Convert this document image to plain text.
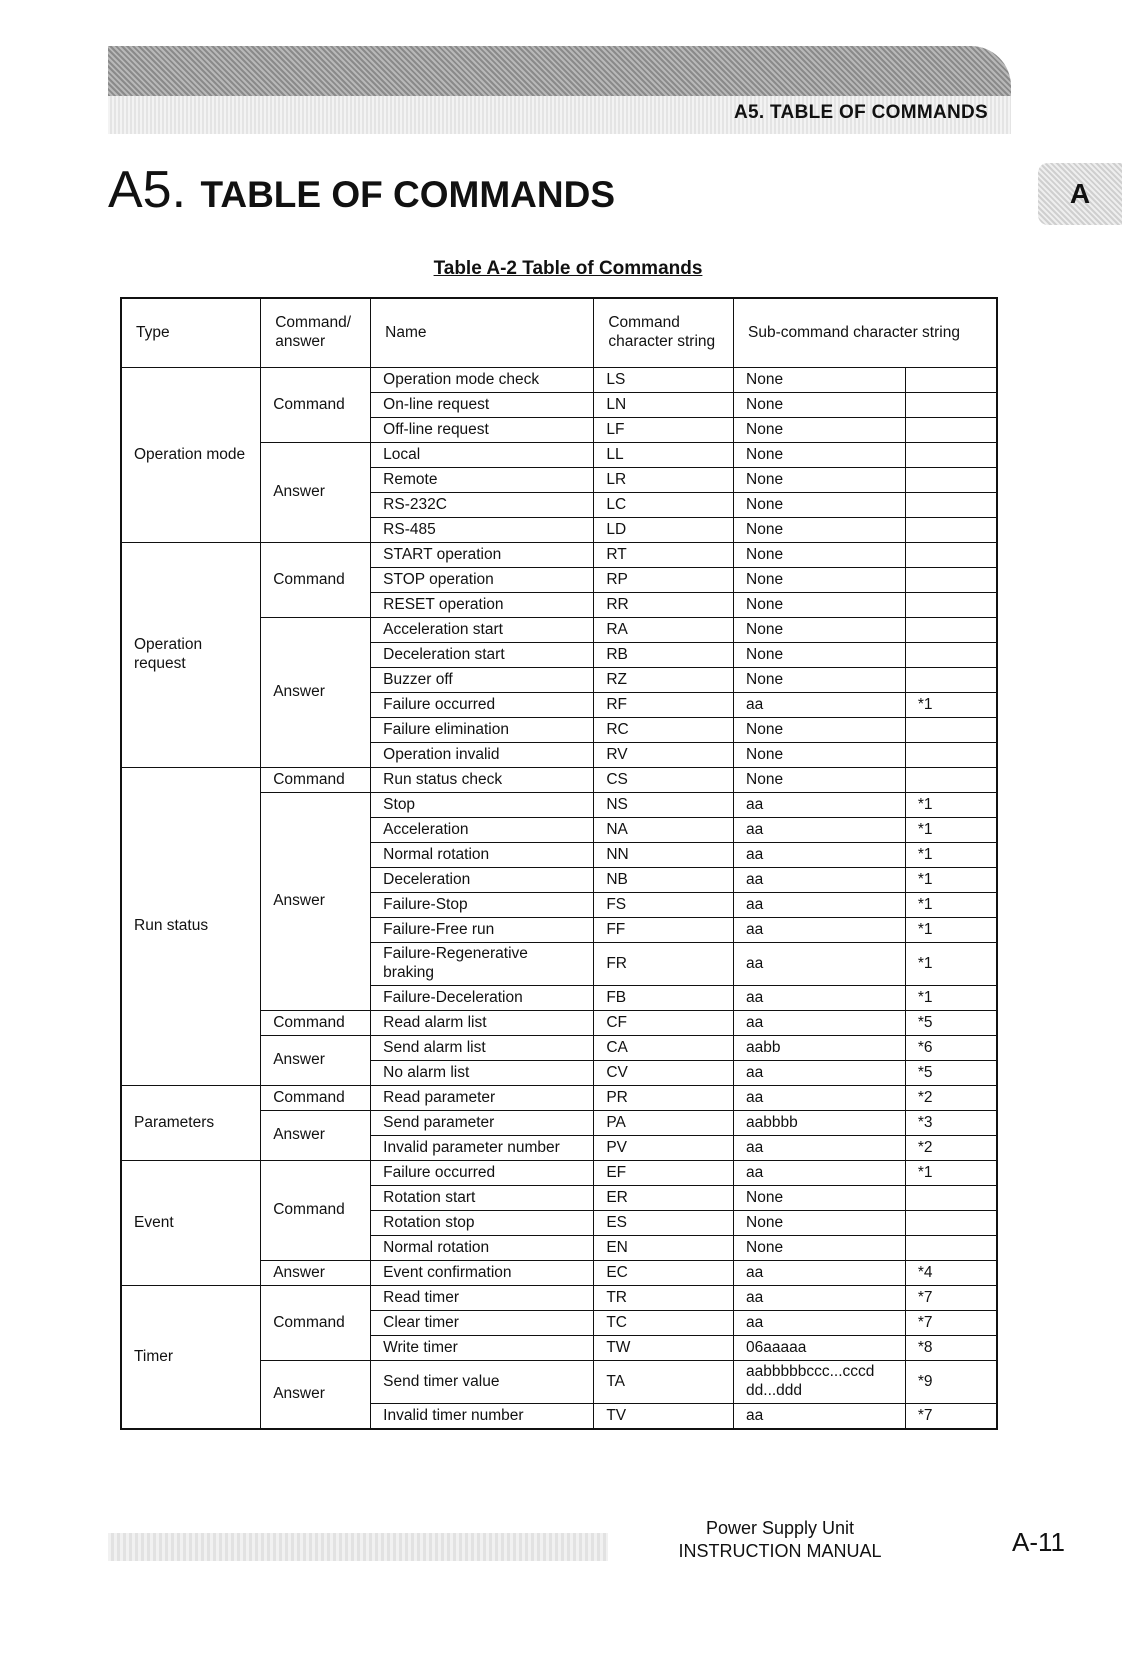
A5. TABLE OF COMMANDS
A5. TABLE OF COMMANDS	A
Table A-2 Table of Commands
Type	Command/ answer	Name	Command character string	Sub-command character string	
Operation mode	Command	Operation mode check	LS	None	
		On-line request	LN	None	
		Off-line request	LF	None	
	Answer	Local	LL	None	
		Remote	LR	None	
		RS-232C	LC	None	
		RS-485	LD	None	
Operation request	Command	START operation	RT	None	
		STOP operation	RP	None	
		RESET operation	RR	None	
	Answer	Acceleration start	RA	None	
		Deceleration start	RB	None	
		Buzzer off	RZ	None	
		Failure occurred	RF	aa	*1
		Failure elimination	RC	None	
		Operation invalid	RV	None	
Run status	Command	Run status check	CS	None	
	Answer	Stop	NS	aa	*1
		Acceleration	NA	aa	*1
		Normal rotation	NN	aa	*1
		Deceleration	NB	aa	*1
		Failure-Stop	FS	aa	*1
		Failure-Free run	FF	aa	*1
		Failure-Regenerative braking	FR	aa	*1
		Failure-Deceleration	FB	aa	*1
	Command	Read alarm list	CF	aa	*5
	Answer	Send alarm list	CA	aabb	*6
		No alarm list	CV	aa	*5
Parameters	Command	Read parameter	PR	aa	*2
	Answer	Send parameter	PA	aabbbb	*3
		Invalid parameter number	PV	aa	*2
Event	Command	Failure occurred	EF	aa	*1
		Rotation start	ER	None	
		Rotation stop	ES	None	
		Normal rotation	EN	None	
	Answer	Event confirmation	EC	aa	*4
Timer	Command	Read timer	TR	aa	*7
		Clear timer	TC	aa	*7
		Write timer	TW	06aaaaa	*8
	Answer	Send timer value	TA	aabbbbbccc...cccd dd...ddd	*9
		Invalid timer number	TV	aa	*7
Power Supply Unit
INSTRUCTION MANUAL	A-11
